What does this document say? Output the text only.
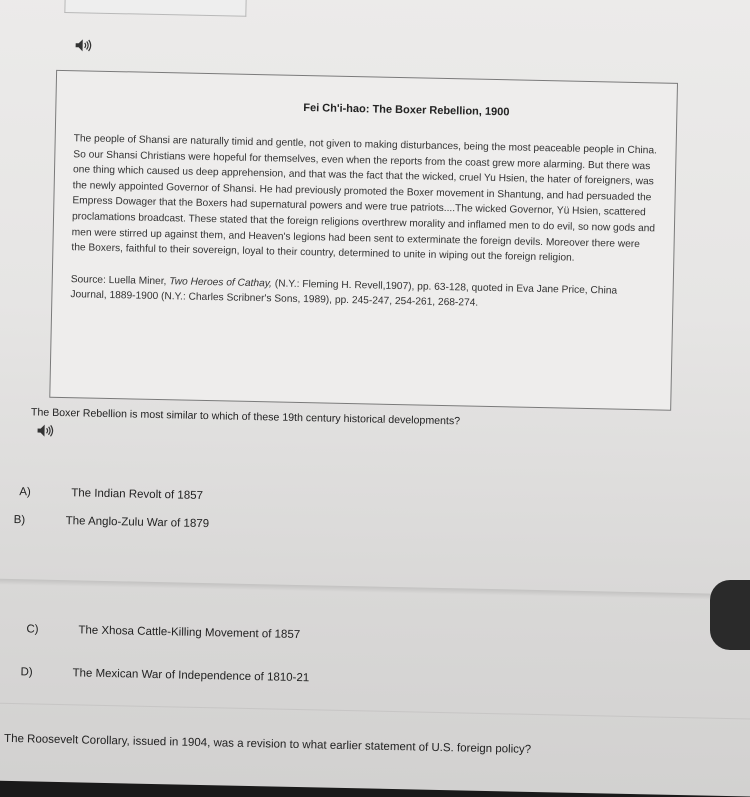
Fei Ch'i-hao: The Boxer Rebellion, 1900
The people of Shansi are naturally timid and gentle, not given to making disturbances, being the most peaceable people in China. So our Shansi Christians were hopeful for themselves, even when the reports from the coast grew more alarming. But there was one thing which caused us deep apprehension, and that was the fact that the wicked, cruel Yu Hsien, the hater of foreigners, was the newly appointed Governor of Shansi. He had previously promoted the Boxer movement in Shantung, and had persuaded the Empress Dowager that the Boxers had supernatural powers and were true patriots....The wicked Governor, Yü Hsien, scattered proclamations broadcast. These stated that the foreign religions overthrew morality and inflamed men to do evil, so now gods and men were stirred up against them, and Heaven's legions had been sent to exterminate the foreign devils. Moreover there were the Boxers, faithful to their sovereign, loyal to their country, determined to unite in wiping out the foreign religion.
Source: Luella Miner, Two Heroes of Cathay, (N.Y.: Fleming H. Revell,1907), pp. 63-128, quoted in Eva Jane Price, China Journal, 1889-1900 (N.Y.: Charles Scribner's Sons, 1989), pp. 245-247, 254-261, 268-274.
The Boxer Rebellion is most similar to which of these 19th century historical developments?
A)	The Indian Revolt of 1857
B)	The Anglo-Zulu War of 1879
C)	The Xhosa Cattle-Killing Movement of 1857
D)	The Mexican War of Independence of 1810-21
The Roosevelt Corollary, issued in 1904, was a revision to what earlier statement of U.S. foreign policy?
